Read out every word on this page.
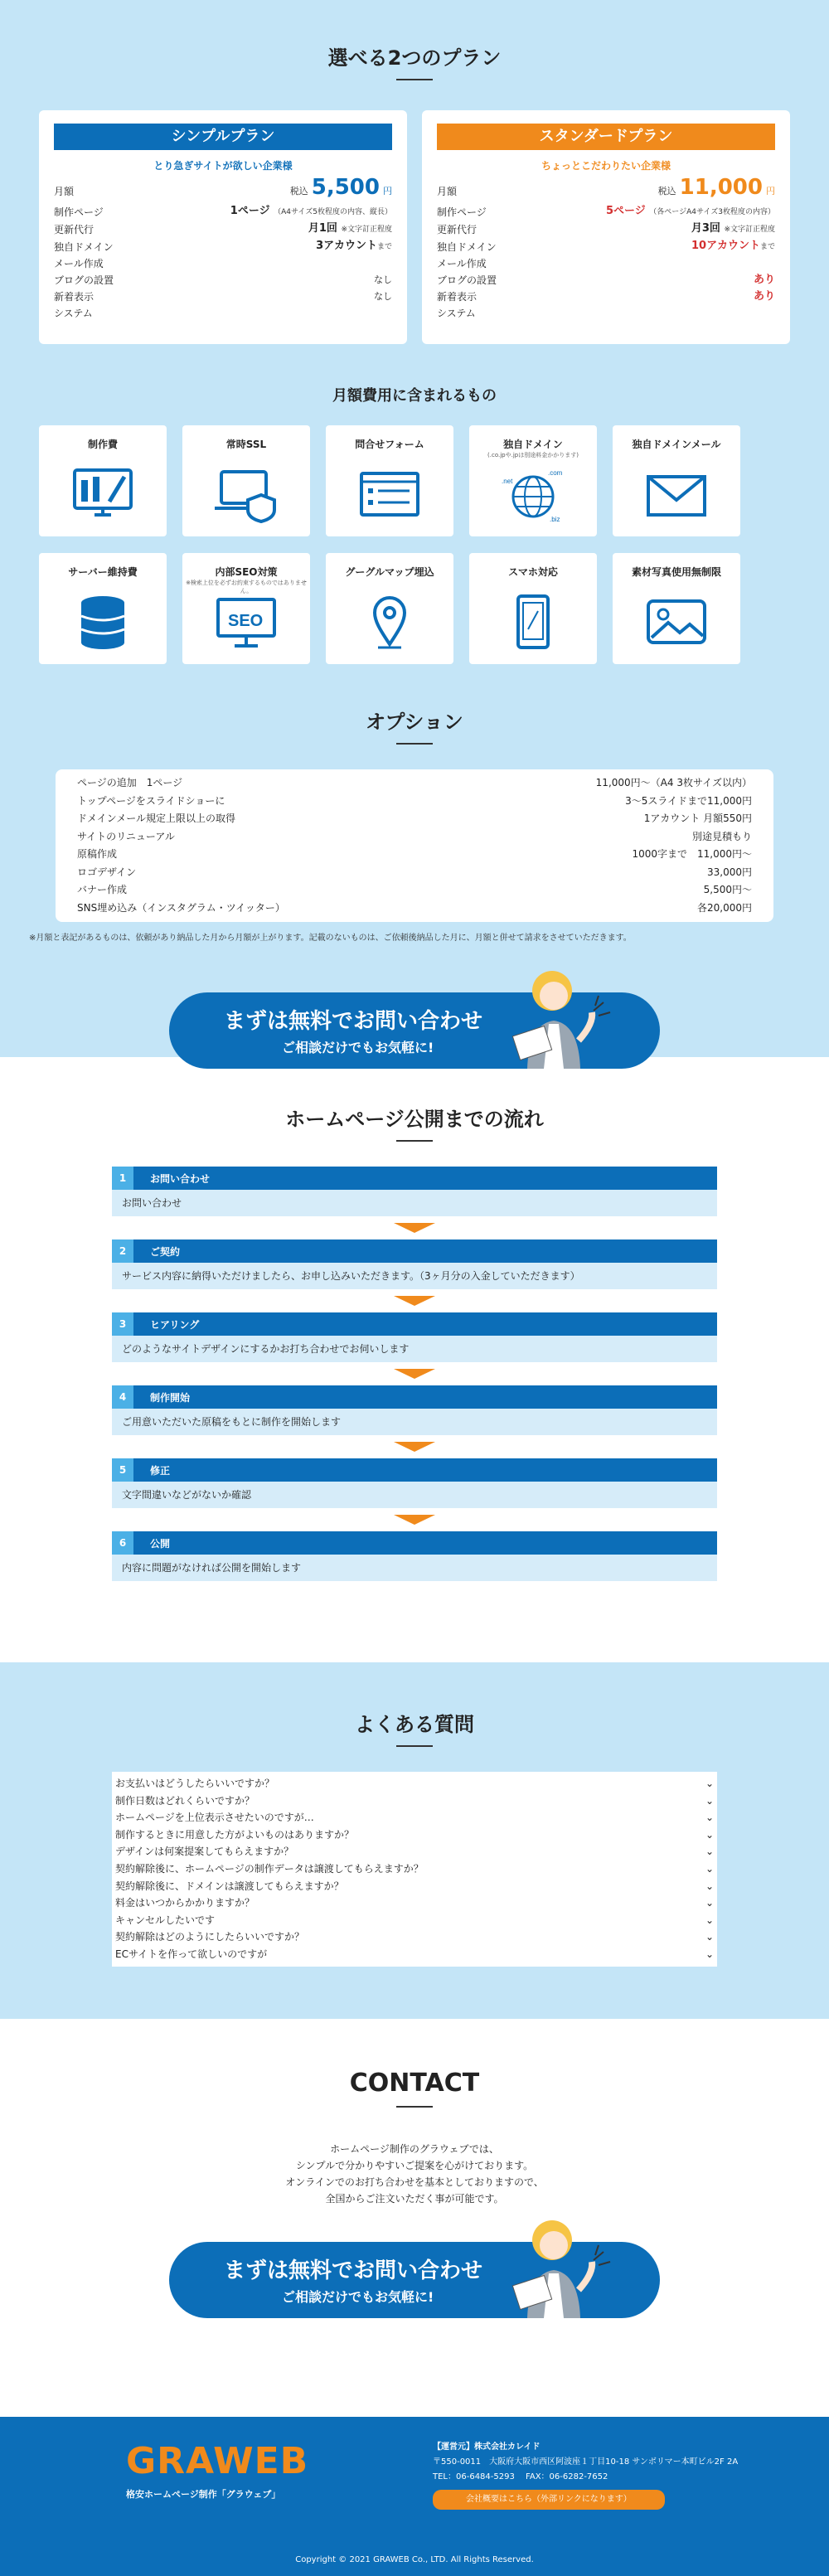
選べる2つのプラン
シンプルプラン
とり急ぎサイトが欲しい企業様
月額	税込 5,500 円
制作ページ	1ページ （A4サイズ5枚程度の内容、縦長）
更新代行	月1回 ※文字訂正程度
独自ドメイン	3アカウントまで
メール作成
ブログの設置	なし
新着表示	なし
システム
スタンダードプラン
ちょっとこだわりたい企業様
月額	税込 11,000 円
制作ページ	5ページ （各ページA4サイズ3枚程度の内容）
更新代行	月3回 ※文字訂正程度
独自ドメイン	10アカウントまで
メール作成
ブログの設置	あり
新着表示	あり
システム
月額費用に含まれるもの
制作費	常時SSL	問合せフォーム	独自ドメイン
(.co.jpや.jpは別途料金かかります)
.net
.com
.biz
独自ドメインメール
サーバー維持費	内部SEO対策
※検索上位を必ずお約束するものではありません。
SEO
グーグルマップ埋込	スマホ対応	素材写真使用無制限
オプション
ページの追加　1ページ	11,000円〜（A4 3枚サイズ以内）
トップページをスライドショーに	3〜5スライドまで11,000円
ドメインメール規定上限以上の取得	1アカウント 月額550円
サイトのリニューアル	別途見積もり
原稿作成	1000字まで　11,000円〜
ロゴデザイン	33,000円
バナー作成	5,500円〜
SNS埋め込み（インスタグラム・ツイッター）	各20,000円
※月額と表記があるものは、依頼があり納品した月から月額が上がります。記載のないものは、ご依頼後納品した月に、月額と併せて請求をさせていただきます。
まずは無料でお問い合わせ
ご相談だけでもお気軽に!
ホームページ公開までの流れ
1	お問い合わせ
お問い合わせ
2	ご契約
サービス内容に納得いただけましたら、お申し込みいただきます。（3ヶ月分の入金していただきます）
3	ヒアリング
どのようなサイトデザインにするかお打ち合わせでお伺いします
4	制作開始
ご用意いただいた原稿をもとに制作を開始します
5	修正
文字間違いなどがないか確認
6	公開
内容に問題がなければ公開を開始します
よくある質問
お支払いはどうしたらいいですか？	⌄
制作日数はどれくらいですか？	⌄
ホームページを上位表示させたいのですが…	⌄
制作するときに用意した方がよいものはありますか？	⌄
デザインは何案提案してもらえますか？	⌄
契約解除後に、ホームページの制作データは譲渡してもらえますか？	⌄
契約解除後に、ドメインは譲渡してもらえますか？	⌄
料金はいつからかかりますか？	⌄
キャンセルしたいです	⌄
契約解除はどのようにしたらいいですか？	⌄
ECサイトを作って欲しいのですが	⌄
CONTACT
ホームページ制作のグラウェブでは、
シンプルで分かりやすいご提案を心がけております。
オンラインでのお打ち合わせを基本としておりますので、
全国からご注文いただく事が可能です。
まずは無料でお問い合わせ
ご相談だけでもお気軽に!
GRAWEB
格安ホームページ制作「グラウェブ」
【運営元】株式会社カレイド
〒550-0011　大阪府大阪市西区阿波座１丁目10-18 サンボリマー本町ビル2F 2A
TEL：06-6484-5293　 FAX：06-6282-7652
会社概要はこちら（外部リンクになります）
Copyright © 2021 GRAWEB Co., LTD. All Rights Reserved.
